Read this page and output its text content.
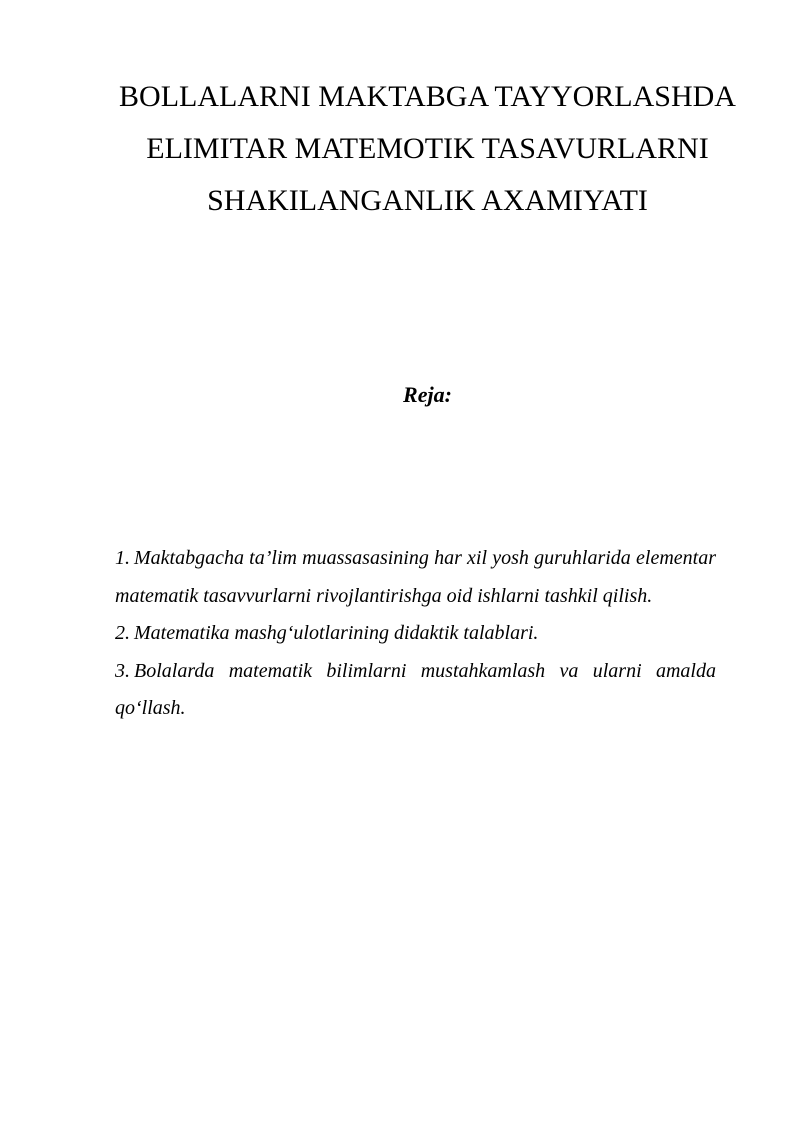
BOLLALARNI MAKTABGA TAYYORLASHDA
ELIMITAR MATEMOTIK TASAVURLARNI
SHAKILANGANLIK AXAMIYATI
Reja:
1. Maktabgacha ta’lim muassasasining har xil yosh guruhlarida elementar matematik tasavvurlarni rivojlantirishga oid ishlarni tashkil qilish.
2. Matematika mashg‘ulotlarining didaktik talablari.
3. Bolalarda matematik bilimlarni mustahkamlash va ularni amalda qo‘llash.
